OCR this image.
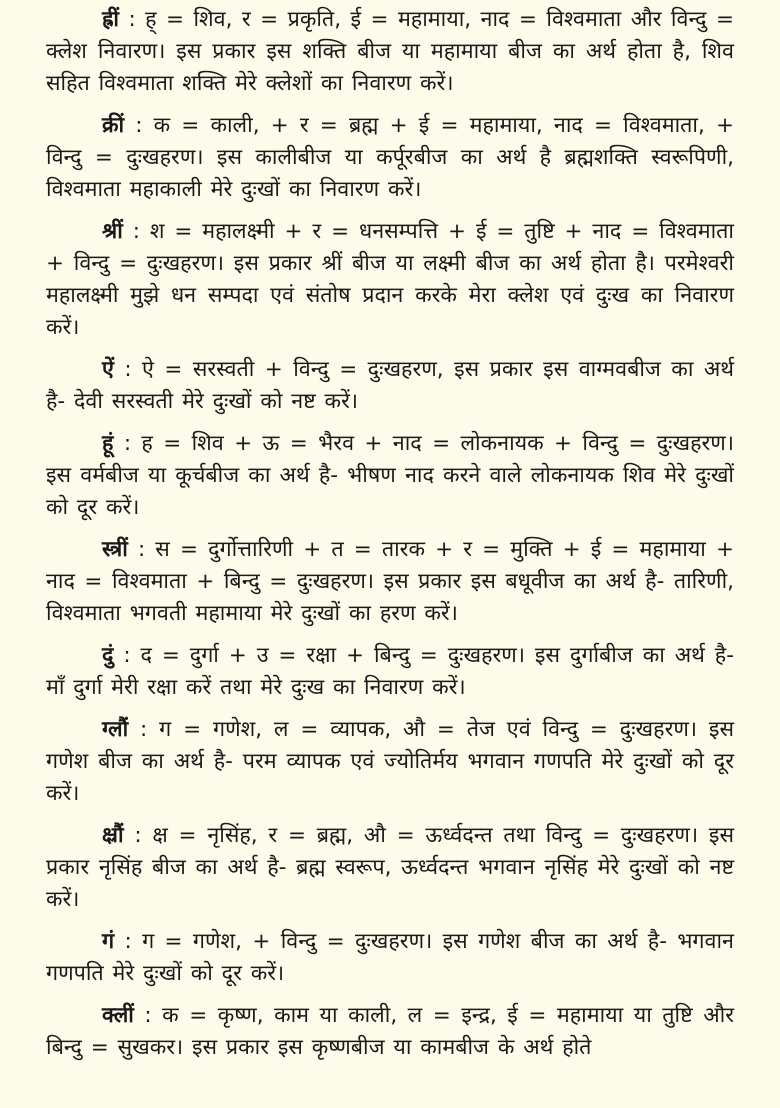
ह्रीं : ह् = शिव, र = प्रकृति, ई = महामाया, नाद = विश्वमाता और विन्दु = क्लेश निवारण। इस प्रकार इस शक्ति बीज या महामाया बीज का अर्थ होता है, शिव सहित विश्वमाता शक्ति मेरे क्लेशों का निवारण करें।

क्रीं : क = काली, + र = ब्रह्म + ई = महामाया, नाद = विश्वमाता, + विन्दु = दुःखहरण। इस कालीबीज या कर्पूरबीज का अर्थ है ब्रह्मशक्ति स्वरूपिणी, विश्वमाता महाकाली मेरे दुःखों का निवारण करें।

श्रीं : श = महालक्ष्मी + र = धनसम्पत्ति + ई = तुष्टि + नाद = विश्वमाता + विन्दु = दुःखहरण। इस प्रकार श्रीं बीज या लक्ष्मी बीज का अर्थ होता है। परमेश्वरी महालक्ष्मी मुझे धन सम्पदा एवं संतोष प्रदान करके मेरा क्लेश एवं दुःख का निवारण करें।

ऐं : ऐ = सरस्वती + विन्दु = दुःखहरण, इस प्रकार इस वाग्मवबीज का अर्थ है- देवी सरस्वती मेरे दुःखों को नष्ट करें।

हूं : ह = शिव + ऊ = भैरव + नाद = लोकनायक + विन्दु = दुःखहरण। इस वर्मबीज या कूर्चबीज का अर्थ है- भीषण नाद करने वाले लोकनायक शिव मेरे दुःखों को दूर करें।

स्त्रीं : स = दुर्गोत्तारिणी + त = तारक + र = मुक्ति + ई = महामाया + नाद = विश्वमाता + बिन्दु = दुःखहरण। इस प्रकार इस बधूवीज का अर्थ है- तारिणी, विश्वमाता भगवती महामाया मेरे दुःखों का हरण करें।

दुं : द = दुर्गा + उ = रक्षा + बिन्दु = दुःखहरण। इस दुर्गाबीज का अर्थ है- माँ दुर्गा मेरी रक्षा करें तथा मेरे दुःख का निवारण करें।

ग्लौं : ग = गणेश, ल = व्यापक, औ = तेज एवं विन्दु = दुःखहरण। इस गणेश बीज का अर्थ है- परम व्यापक एवं ज्योतिर्मय भगवान गणपति मेरे दुःखों को दूर करें।

क्ष्रौं : क्ष = नृसिंह, र = ब्रह्म, औ = ऊर्ध्वदन्त तथा विन्दु = दुःखहरण। इस प्रकार नृसिंह बीज का अर्थ है- ब्रह्म स्वरूप, ऊर्ध्वदन्त भगवान नृसिंह मेरे दुःखों को नष्ट करें।

गं : ग = गणेश, + विन्दु = दुःखहरण। इस गणेश बीज का अर्थ है- भगवान गणपति मेरे दुःखों को दूर करें।

क्लीं : क = कृष्ण, काम या काली, ल = इन्द्र, ई = महामाया या तुष्टि और बिन्दु = सुखकर। इस प्रकार इस कृष्णबीज या कामबीज के अर्थ होते
